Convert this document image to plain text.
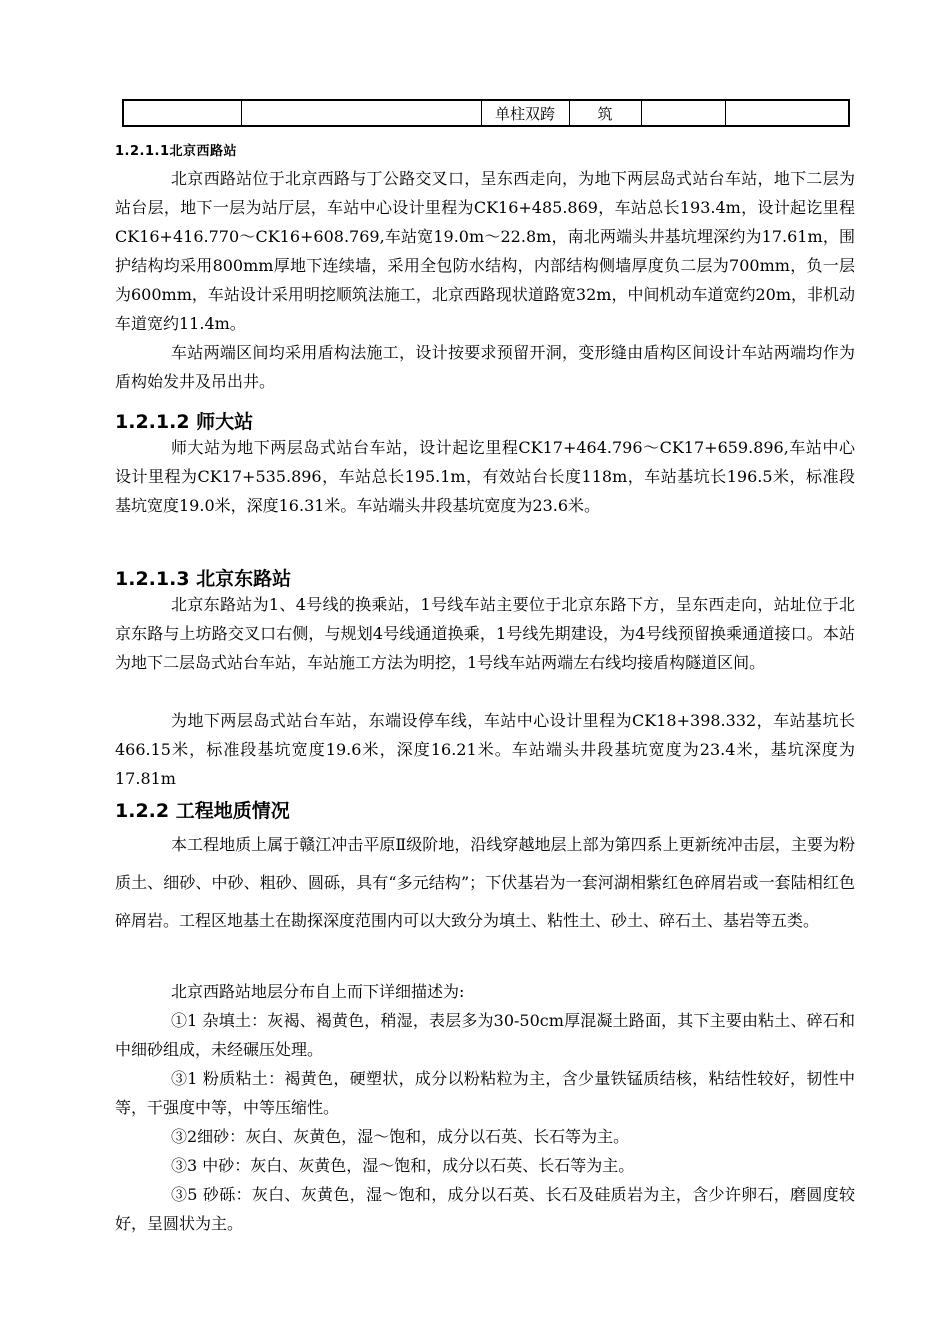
		单柱双跨	筑		
1.2.1.1北京西路站

北京西路站位于北京西路与丁公路交叉口，呈东西走向，为地下两层岛式站台车站，地下二层为站台层，地下一层为站厅层，车站中心设计里程为CK16+485.869，车站总长193.4m，设计起讫里程CK16+416.770～CK16+608.769,车站宽19.0m～22.8m，南北两端头井基坑埋深约为17.61m，围护结构均采用800mm厚地下连续墙，采用全包防水结构，内部结构侧墙厚度负二层为700mm，负一层为600mm，车站设计采用明挖顺筑法施工，北京西路现状道路宽32m，中间机动车道宽约20m，非机动车道宽约11.4m。

车站两端区间均采用盾构法施工，设计按要求预留开洞，变形缝由盾构区间设计车站两端均作为盾构始发井及吊出井。

1.2.1.2 师大站

师大站为地下两层岛式站台车站，设计起讫里程CK17+464.796～CK17+659.896,车站中心设计里程为CK17+535.896，车站总长195.1m，有效站台长度118m，车站基坑长196.5米，标准段基坑宽度19.0米，深度16.31米。车站端头井段基坑宽度为23.6米。

1.2.1.3 北京东路站

北京东路站为1、4号线的换乘站，1号线车站主要位于北京东路下方，呈东西走向，站址位于北京东路与上坊路交叉口右侧，与规划4号线通道换乘，1号线先期建设，为4号线预留换乘通道接口。本站为地下二层岛式站台车站，车站施工方法为明挖，1号线车站两端左右线均接盾构隧道区间。

为地下两层岛式站台车站，东端设停车线，车站中心设计里程为CK18+398.332，车站基坑长466.15米，标准段基坑宽度19.6米，深度16.21米。车站端头井段基坑宽度为23.4米，基坑深度为17.81m

1.2.2 工程地质情况

本工程地质上属于赣江冲击平原Ⅱ级阶地，沿线穿越地层上部为第四系上更新统冲击层，主要为粉质土、细砂、中砂、粗砂、圆砾，具有“多元结构”；下伏基岩为一套河湖相紫红色碎屑岩或一套陆相红色碎屑岩。工程区地基土在勘探深度范围内可以大致分为填土、粘性土、砂土、碎石土、基岩等五类。

北京西路站地层分布自上而下详细描述为:

①1 杂填土：灰褐、褐黄色，稍湿，表层多为30-50cm厚混凝土路面，其下主要由粘土、碎石和中细砂组成，未经碾压处理。

③1 粉质粘土：褐黄色，硬塑状，成分以粉粘粒为主，含少量铁锰质结核，粘结性较好，韧性中等，干强度中等，中等压缩性。

③2细砂：灰白、灰黄色，湿～饱和，成分以石英、长石等为主。

③3 中砂：灰白、灰黄色，湿～饱和，成分以石英、长石等为主。

③5 砂砾：灰白、灰黄色，湿～饱和，成分以石英、长石及硅质岩为主，含少许卵石，磨圆度较好，呈圆状为主。
